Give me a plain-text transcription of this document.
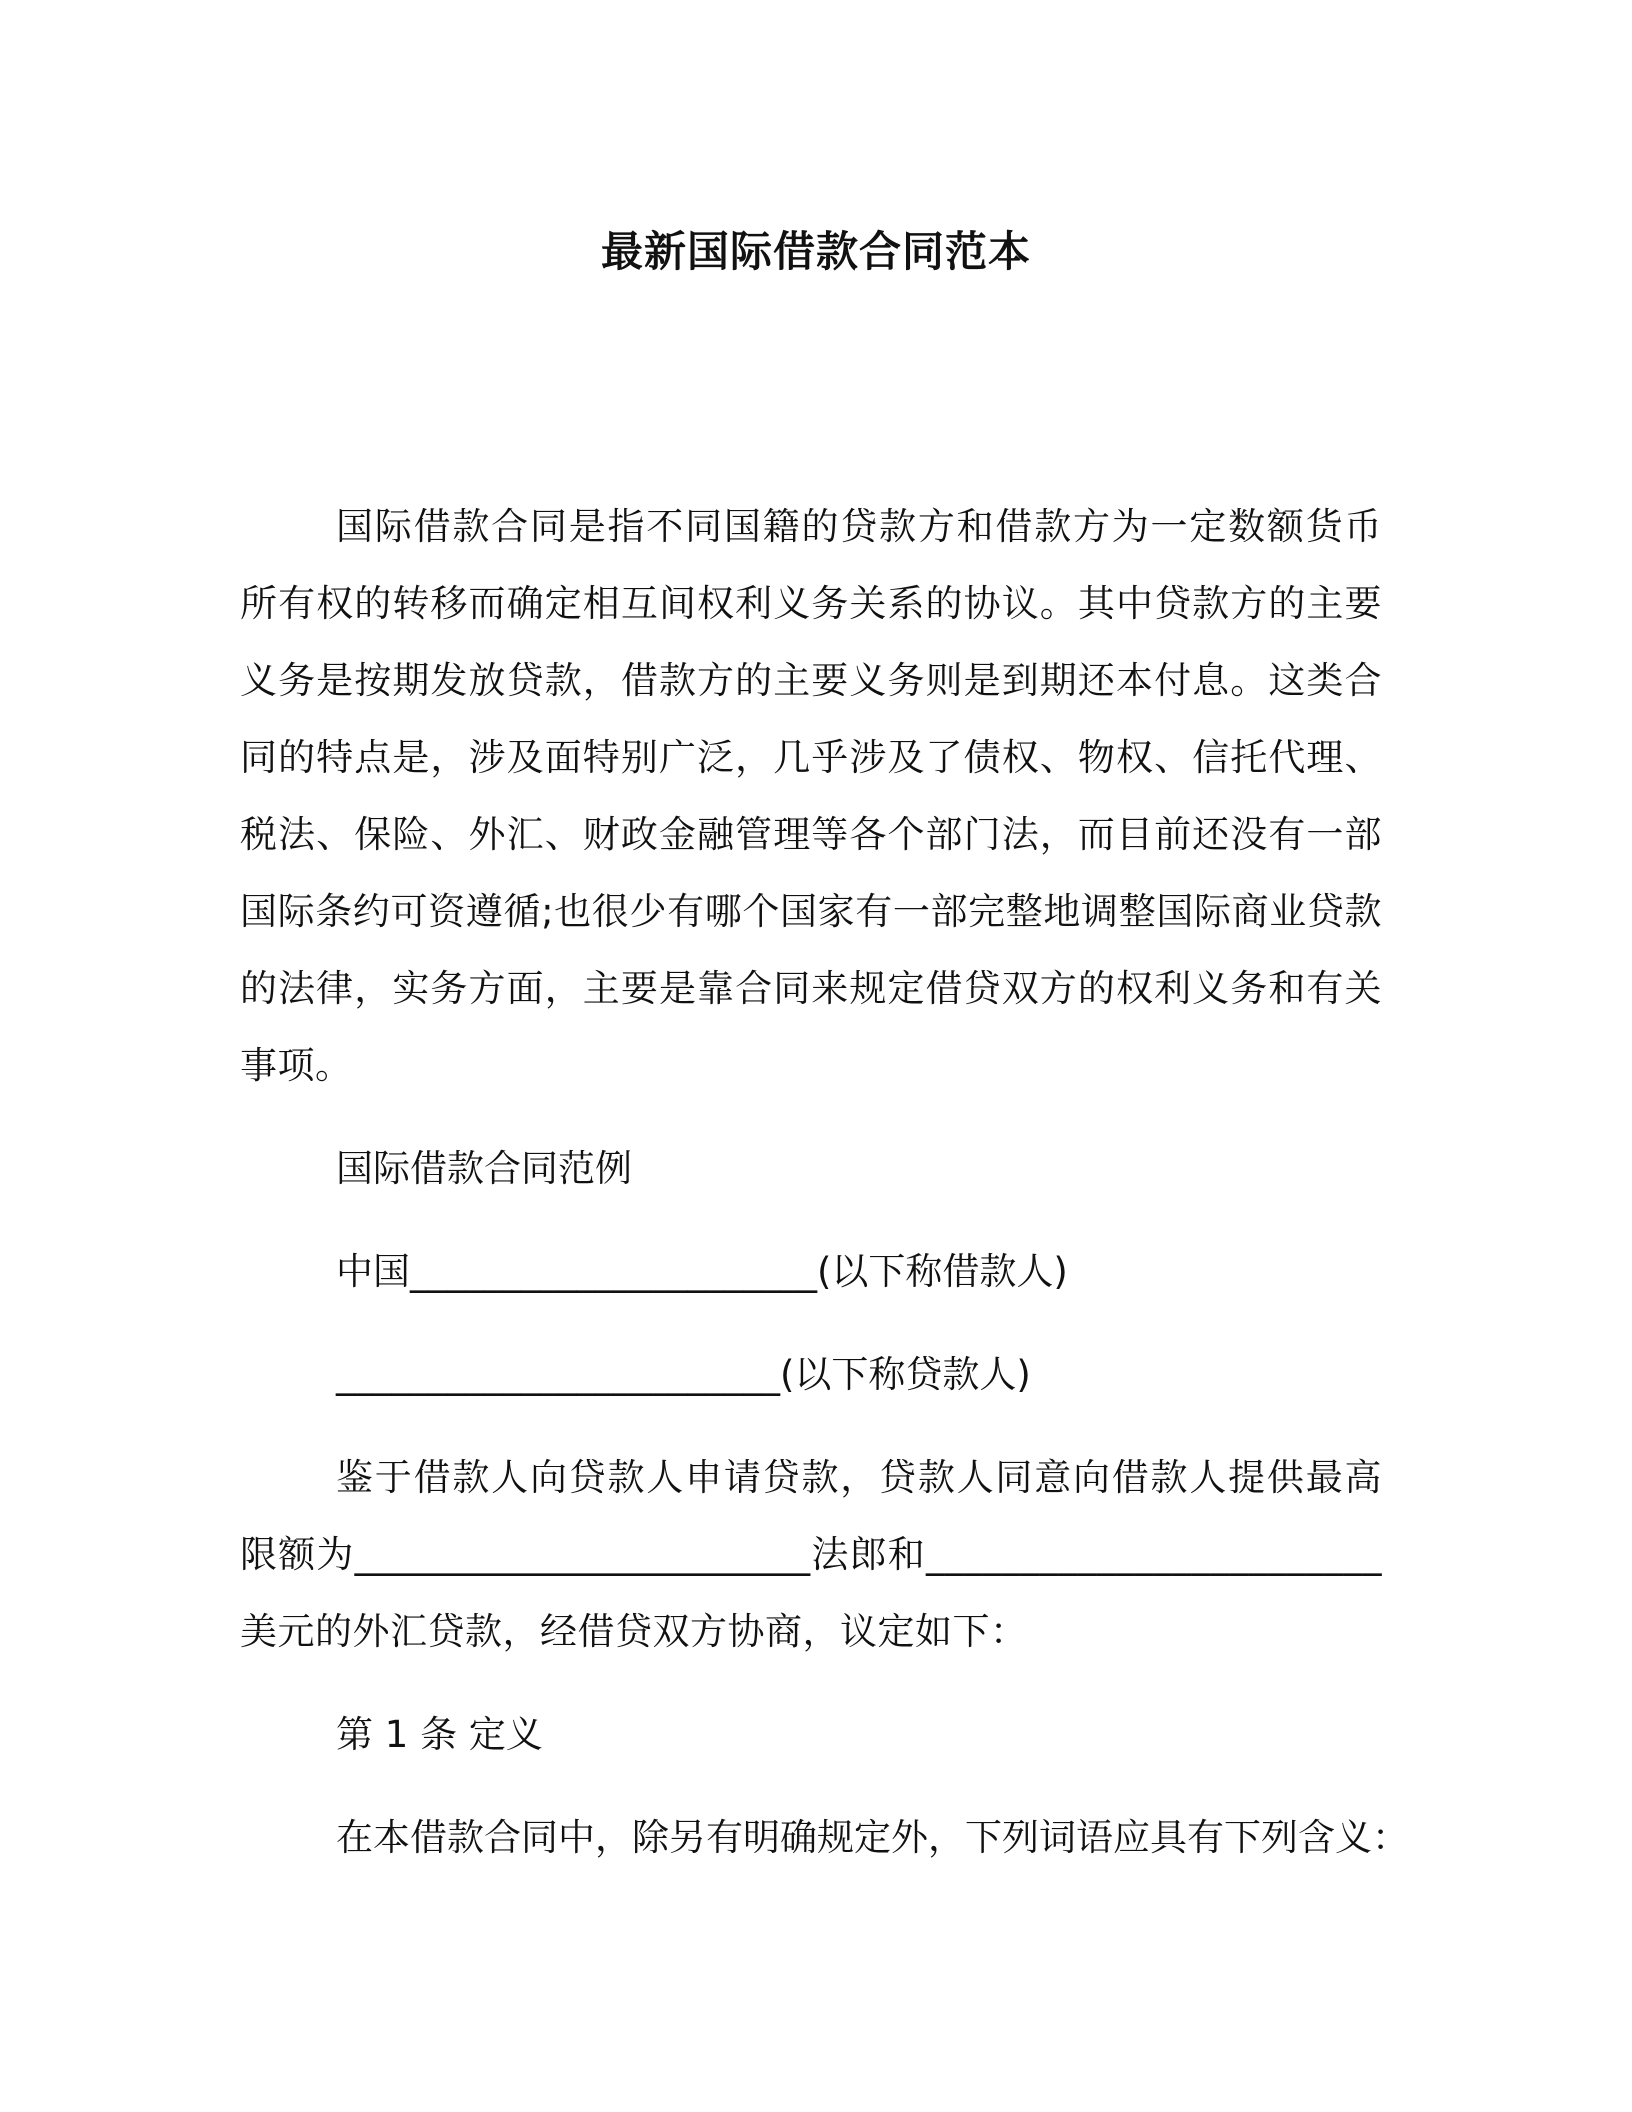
最新国际借款合同范本

国际借款合同是指不同国籍的贷款方和借款方为一定数额货币所有权的转移而确定相互间权利义务关系的协议。其中贷款方的主要义务是按期发放贷款，借款方的主要义务则是到期还本付息。这类合同的特点是，涉及面特别广泛，几乎涉及了债权、物权、信托代理、税法、保险、外汇、财政金融管理等各个部门法，而目前还没有一部国际条约可资遵循;也很少有哪个国家有一部完整地调整国际商业贷款的法律，实务方面，主要是靠合同来规定借贷双方的权利义务和有关事项。

国际借款合同范例

中国______________________(以下称借款人)

________________________(以下称贷款人)

鉴于借款人向贷款人申请贷款，贷款人同意向借款人提供最高限额为________________________法郎和________________________美元的外汇贷款，经借贷双方协商，议定如下：

第 1 条 定义

在本借款合同中，除另有明确规定外，下列词语应具有下列含义：
